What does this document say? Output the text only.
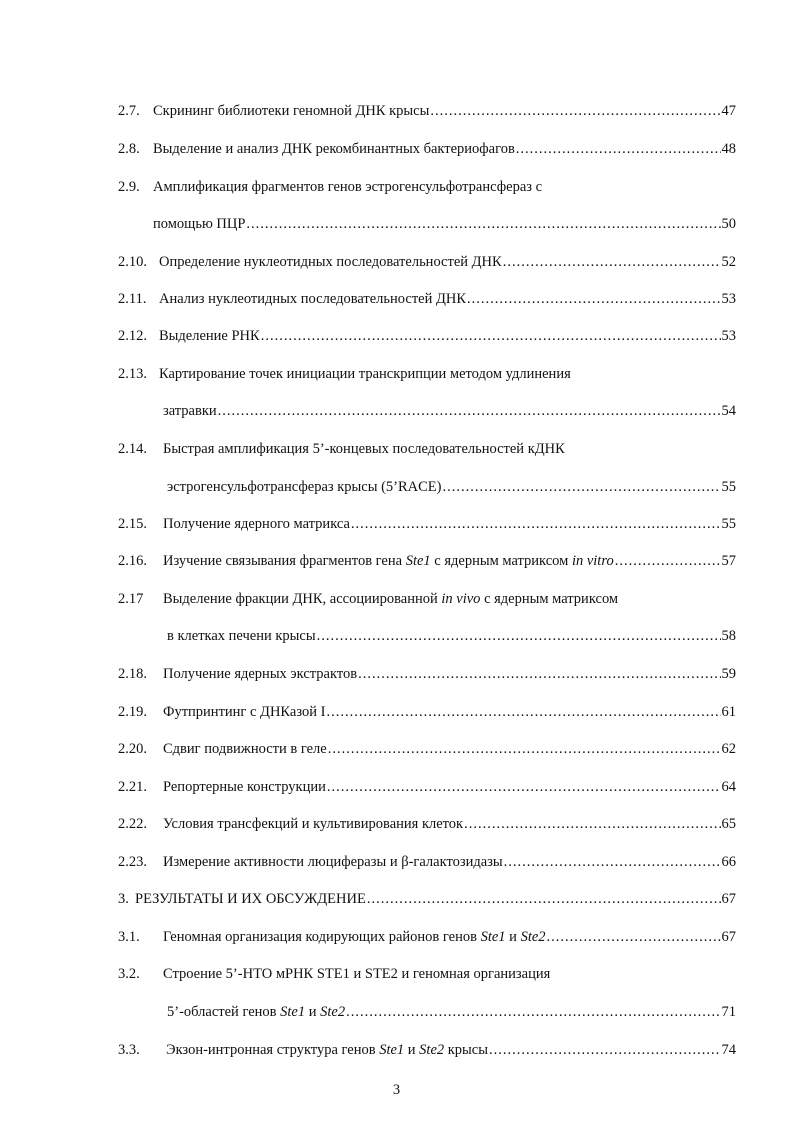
2.7. Скрининг библиотеки геномной ДНК крысы .....	47
2.8. Выделение и анализ ДНК рекомбинантных бактериофагов .....	48
2.9. Амплификация фрагментов генов эстрогенсульфотрансфераз с
помощью ПЦР .....	50
2.10. Определение нуклеотидных последовательностей ДНК .....	52
2.11. Анализ нуклеотидных последовательностей ДНК .....	53
2.12. Выделение РНК .....	53
2.13. Картирование точек инициации транскрипции методом удлинения
затравки .....	54
2.14. Быстрая амплификация 5’-концевых последовательностей кДНК
эстрогенсульфотрансфераз крысы (5’RACE) .....	55
2.15. Получение ядерного матрикса .....	55
2.16. Изучение связывания фрагментов гена Ste1 с ядерным матриксом in vitro .....	57
2.17 Выделение фракции ДНК, ассоциированной in vivo с ядерным матриксом
в клетках печени крысы .....	58
2.18. Получение ядерных экстрактов .....	59
2.19. Футпринтинг с ДНКазой I .....	61
2.20. Сдвиг подвижности в геле .....	62
2.21. Репортерные конструкции .....	64
2.22. Условия трансфекций и культивирования клеток .....	65
2.23. Измерение активности люциферазы и β-галактозидазы .....	66
3. РЕЗУЛЬТАТЫ И ИХ ОБСУЖДЕНИЕ .....	67
3.1. Геномная организация кодирующих районов генов Ste1 и Ste2 .....	67
3.2. Строение 5’-НТО мРНК STE1 и STE2 и геномная организация
5’-областей генов Ste1 и Ste2 .....	71
3.3. Экзон-интронная структура генов Ste1 и Ste2 крысы .....	74
3
